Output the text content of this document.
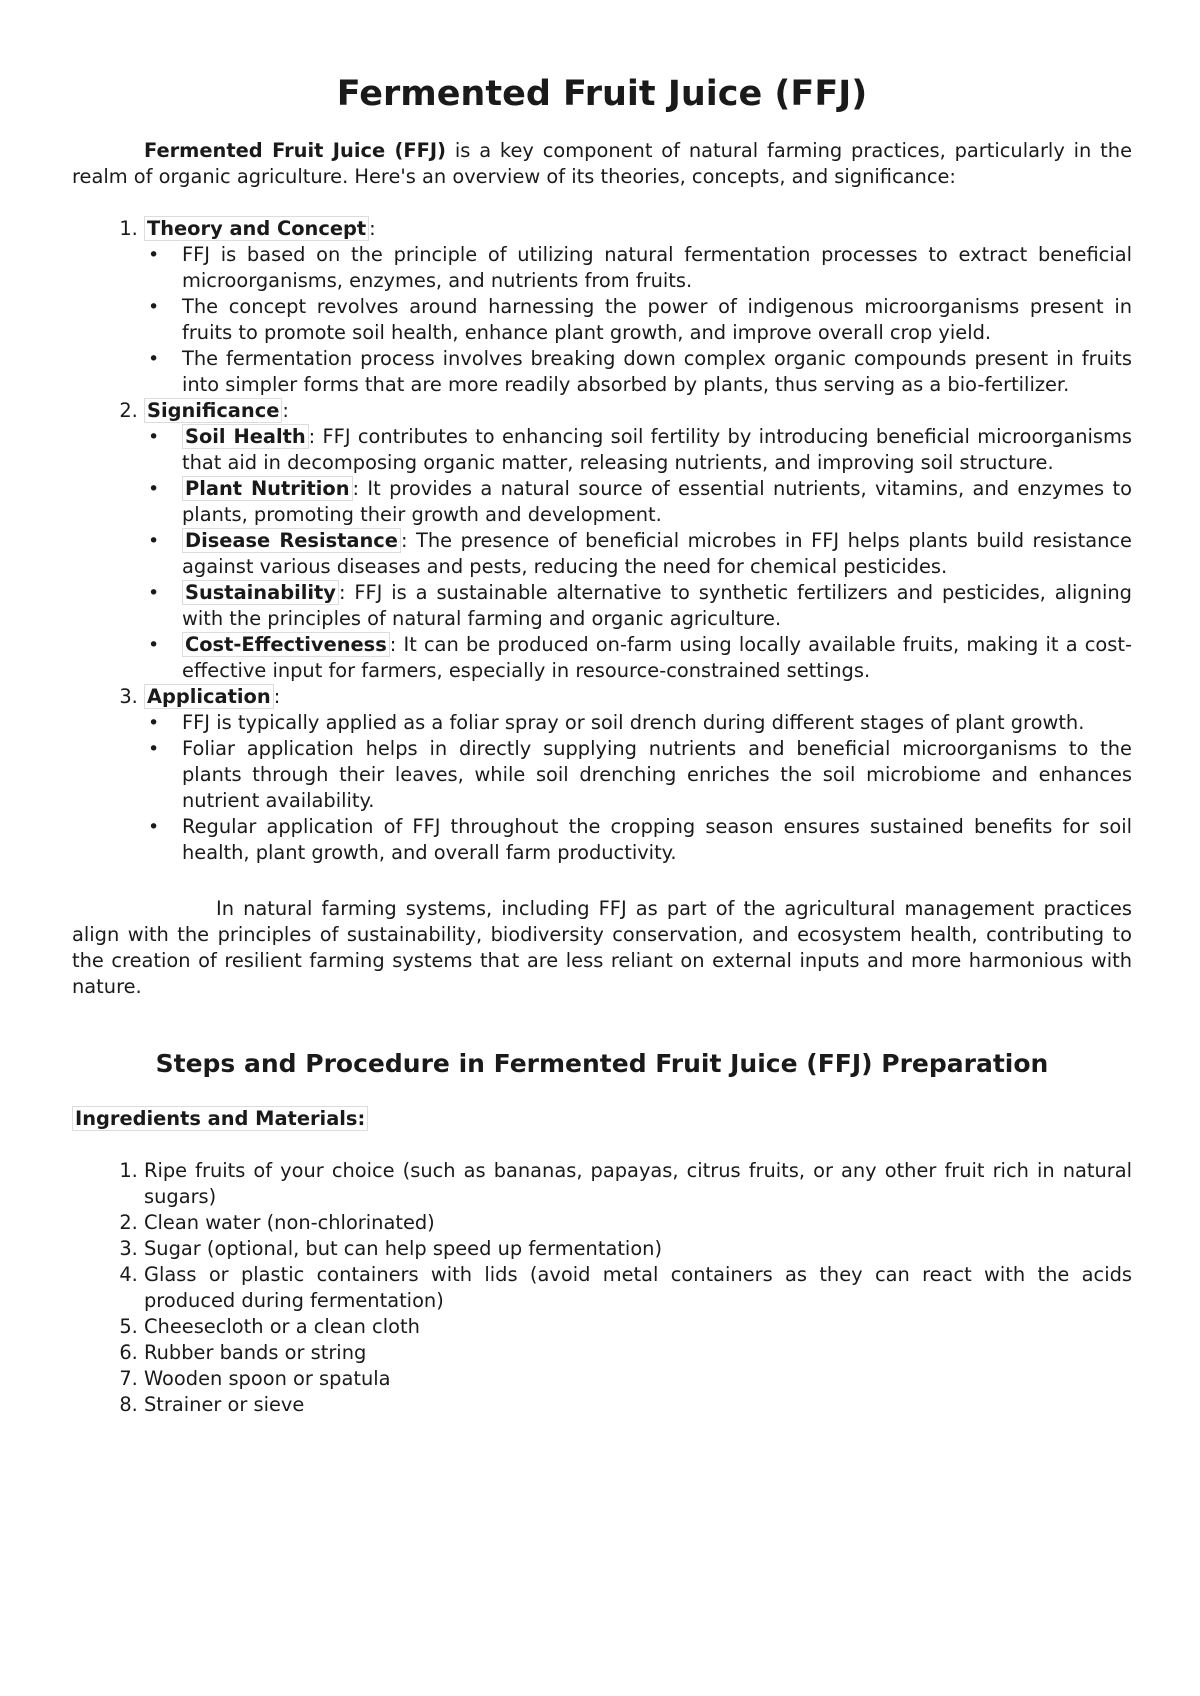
Fermented Fruit Juice (FFJ)

Fermented Fruit Juice (FFJ) is a key component of natural farming practices, particularly in the realm of organic agriculture. Here's an overview of its theories, concepts, and significance:

1. Theory and Concept :
• FFJ is based on the principle of utilizing natural fermentation processes to extract beneficial microorganisms, enzymes, and nutrients from fruits.
• The concept revolves around harnessing the power of indigenous microorganisms present in fruits to promote soil health, enhance plant growth, and improve overall crop yield.
• The fermentation process involves breaking down complex organic compounds present in fruits into simpler forms that are more readily absorbed by plants, thus serving as a bio-fertilizer.
2. Significance :
• Soil Health : FFJ contributes to enhancing soil fertility by introducing beneficial microorganisms that aid in decomposing organic matter, releasing nutrients, and improving soil structure.
• Plant Nutrition : It provides a natural source of essential nutrients, vitamins, and enzymes to plants, promoting their growth and development.
• Disease Resistance : The presence of beneficial microbes in FFJ helps plants build resistance against various diseases and pests, reducing the need for chemical pesticides.
• Sustainability : FFJ is a sustainable alternative to synthetic fertilizers and pesticides, aligning with the principles of natural farming and organic agriculture.
• Cost-Effectiveness : It can be produced on-farm using locally available fruits, making it a cost-effective input for farmers, especially in resource-constrained settings.
3. Application :
• FFJ is typically applied as a foliar spray or soil drench during different stages of plant growth.
• Foliar application helps in directly supplying nutrients and beneficial microorganisms to the plants through their leaves, while soil drenching enriches the soil microbiome and enhances nutrient availability.
• Regular application of FFJ throughout the cropping season ensures sustained benefits for soil health, plant growth, and overall farm productivity.

In natural farming systems, including FFJ as part of the agricultural management practices align with the principles of sustainability, biodiversity conservation, and ecosystem health, contributing to the creation of resilient farming systems that are less reliant on external inputs and more harmonious with nature.

Steps and Procedure in Fermented Fruit Juice (FFJ) Preparation

Ingredients and Materials:

1. Ripe fruits of your choice (such as bananas, papayas, citrus fruits, or any other fruit rich in natural sugars)
2. Clean water (non-chlorinated)
3. Sugar (optional, but can help speed up fermentation)
4. Glass or plastic containers with lids (avoid metal containers as they can react with the acids produced during fermentation)
5. Cheesecloth or a clean cloth
6. Rubber bands or string
7. Wooden spoon or spatula
8. Strainer or sieve
